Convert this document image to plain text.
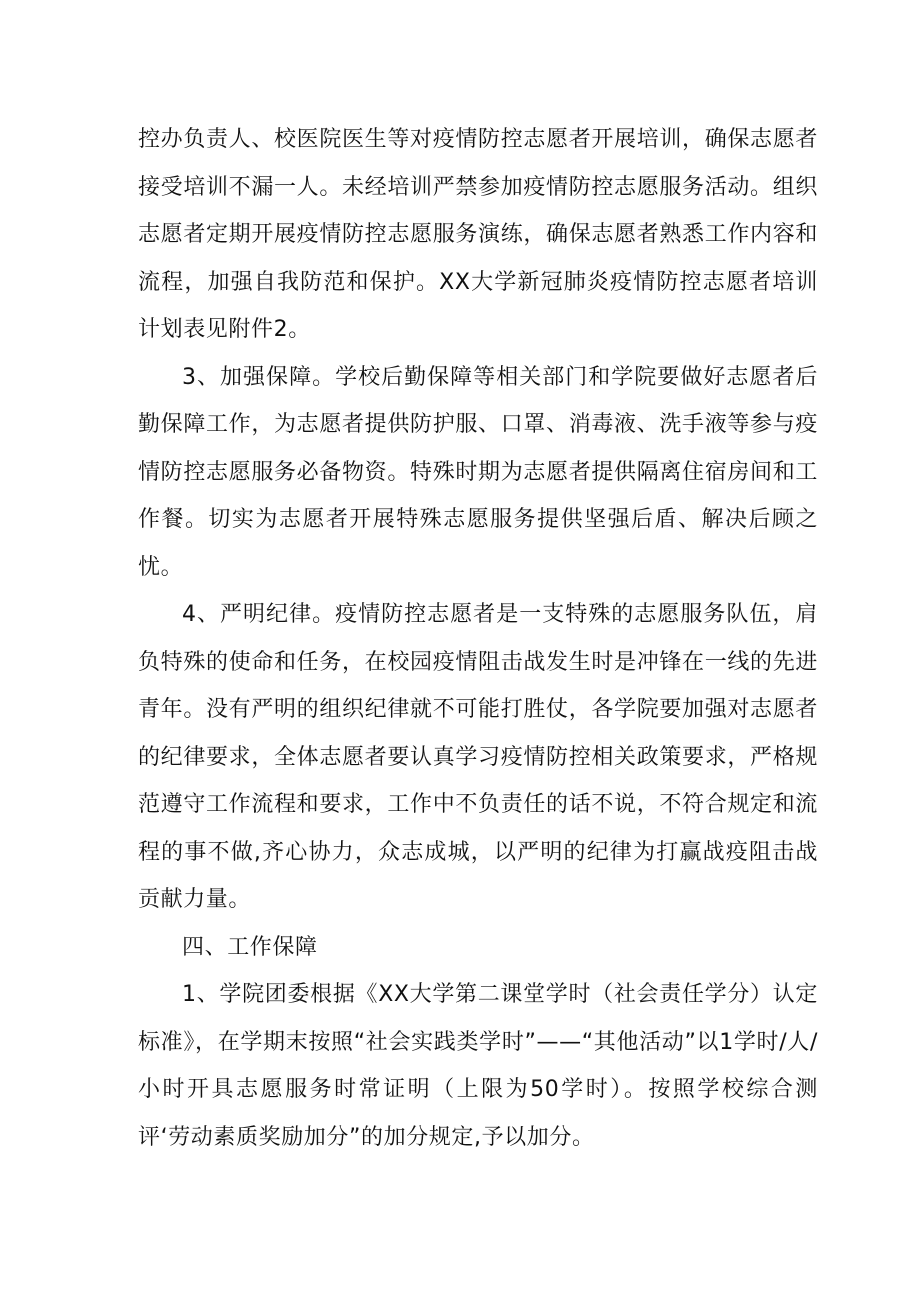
控办负责人、校医院医生等对疫情防控志愿者开展培训，确保志愿者接受培训不漏一人。未经培训严禁参加疫情防控志愿服务活动。组织志愿者定期开展疫情防控志愿服务演练，确保志愿者熟悉工作内容和流程，加强自我防范和保护。XX大学新冠肺炎疫情防控志愿者培训计划表见附件2。

3、加强保障。学校后勤保障等相关部门和学院要做好志愿者后勤保障工作，为志愿者提供防护服、口罩、消毒液、洗手液等参与疫情防控志愿服务必备物资。特殊时期为志愿者提供隔离住宿房间和工作餐。切实为志愿者开展特殊志愿服务提供坚强后盾、解决后顾之忧。

4、严明纪律。疫情防控志愿者是一支特殊的志愿服务队伍，肩负特殊的使命和任务，在校园疫情阻击战发生时是冲锋在一线的先进青年。没有严明的组织纪律就不可能打胜仗，各学院要加强对志愿者的纪律要求，全体志愿者要认真学习疫情防控相关政策要求，严格规范遵守工作流程和要求，工作中不负责任的话不说，不符合规定和流程的事不做,齐心协力，众志成城，以严明的纪律为打赢战疫阻击战贡献力量。

四、工作保障

1、学院团委根据《XX大学第二课堂学时（社会责任学分）认定标准》，在学期末按照“社会实践类学时”——“其他活动”以1学时/人/小时开具志愿服务时常证明（上限为50学时）。按照学校综合测评‘劳动素质奖励加分”的加分规定,予以加分。
